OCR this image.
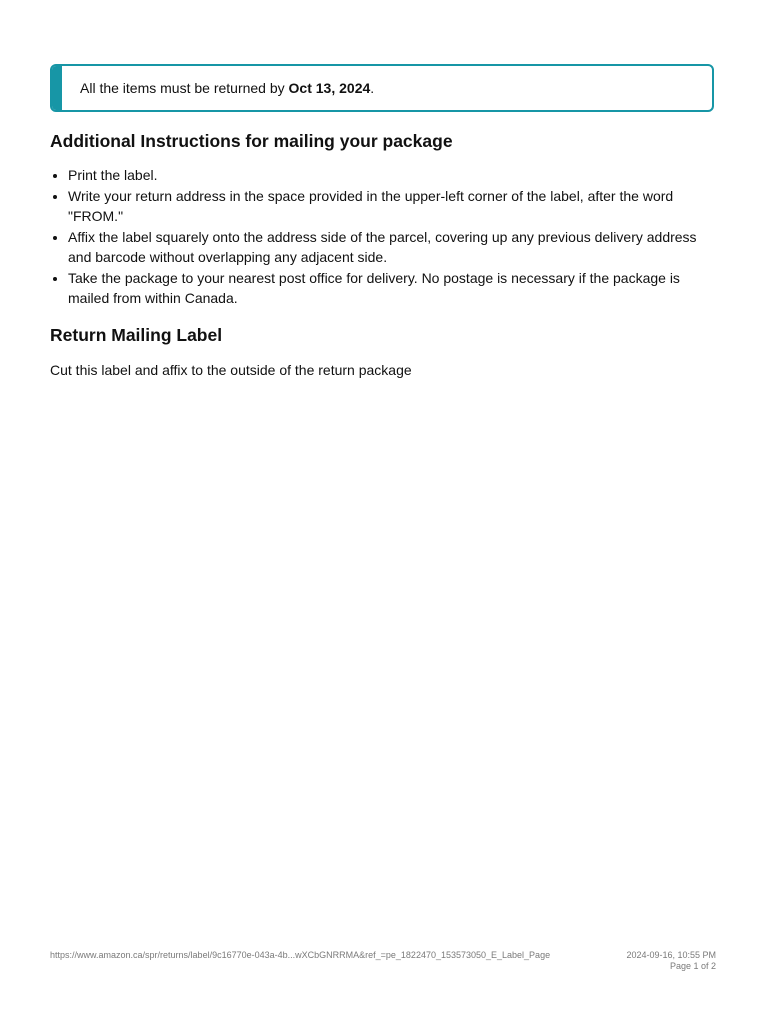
All the items must be returned by Oct 13, 2024.
Additional Instructions for mailing your package
• Print the label.
• Write your return address in the space provided in the upper-left corner of the label, after the word "FROM."
• Affix the label squarely onto the address side of the parcel, covering up any previous delivery address and barcode without overlapping any adjacent side.
• Take the package to your nearest post office for delivery. No postage is necessary if the package is mailed from within Canada.
Return Mailing Label

Cut this label and affix to the outside of the return package

https://www.amazon.ca/spr/returns/label/9c16770e-043a-4b...wXCbGNRRMA&ref_=pe_1822470_153573050_E_Label_Page	2024-09-16, 10:55 PM
Page 1 of 2
